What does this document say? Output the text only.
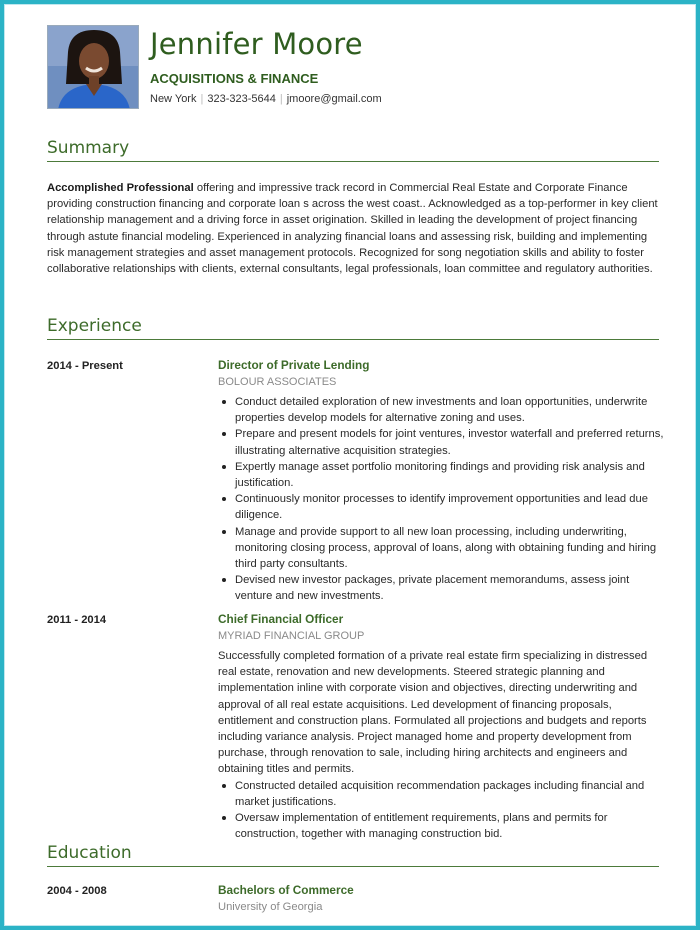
Jennifer Moore
ACQUISITIONS & FINANCE
New York | 323-323-5644 | jmoore@gmail.com
Summary
Accomplished Professional offering and impressive track record in Commercial Real Estate and Corporate Finance providing construction financing and corporate loan s across the west coast.. Acknowledged as a top-performer in key client relationship management and a driving force in asset origination. Skilled in leading the development of project financing through astute financial modeling. Experienced in analyzing financial loans and assessing risk, building and implementing risk management strategies and asset management protocols. Recognized for song negotiation skills and ability to foster collaborative relationships with clients, external consultants, legal professionals, loan committee and regulatory authorities.
Experience
2014 - Present	Director of Private Lending
BOLOUR ASSOCIATES
Conduct detailed exploration of new investments and loan opportunities, underwrite properties develop models for alternative zoning and uses.
Prepare and present models for joint ventures, investor waterfall and preferred returns, illustrating alternative acquisition strategies.
Expertly manage asset portfolio monitoring findings and providing risk analysis and justification.
Continuously monitor processes to identify improvement opportunities and lead due diligence.
Manage and provide support to all new loan processing, including underwriting, monitoring closing process, approval of loans, along with obtaining funding and hiring third party consultants.
Devised new investor packages, private placement memorandums, assess joint venture and new investments.
2011 - 2014	Chief Financial Officer
MYRIAD FINANCIAL GROUP
Successfully completed formation of a private real estate firm specializing in distressed real estate, renovation and new developments. Steered strategic planning and implementation inline with corporate vision and objectives, directing underwriting and approval of all real estate acquisitions. Led development of financing proposals, entitlement and construction plans. Formulated all projections and budgets and reports including variance analysis. Project managed home and property development from purchase, through renovation to sale, including hiring architects and engineers and obtaining titles and permits.
Constructed detailed acquisition recommendation packages including financial and market justifications.
Oversaw implementation of entitlement requirements, plans and permits for construction, together with managing construction bid.
Education
2004 - 2008	Bachelors of Commerce
University of Georgia
